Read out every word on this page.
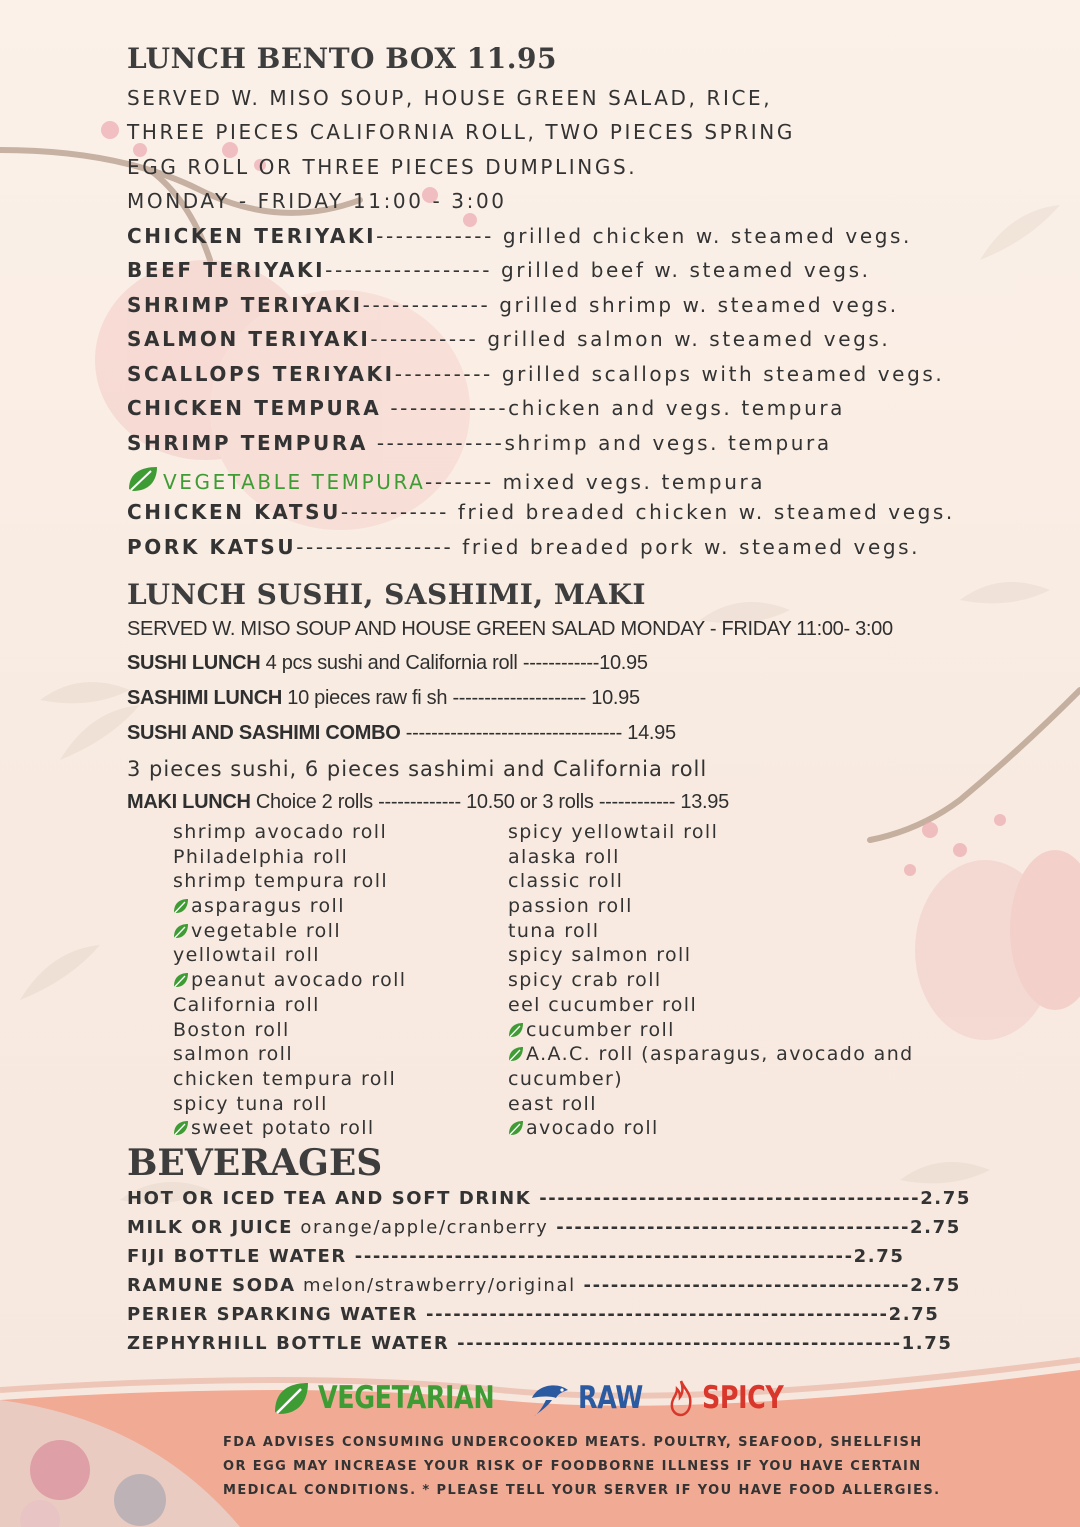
LUNCH BENTO BOX 11.95
SERVED W. MISO SOUP, HOUSE GREEN SALAD, RICE,
THREE PIECES CALIFORNIA ROLL, TWO PIECES SPRING
EGG ROLL OR THREE PIECES DUMPLINGS.
MONDAY - FRIDAY 11:00 - 3:00
CHICKEN TERIYAKI------------ grilled chicken w. steamed vegs.
BEEF TERIYAKI----------------- grilled beef w. steamed vegs.
SHRIMP TERIYAKI------------- grilled shrimp w. steamed vegs.
SALMON TERIYAKI----------- grilled salmon w. steamed vegs.
SCALLOPS TERIYAKI---------- grilled scallops with steamed vegs.
CHICKEN TEMPURA ------------chicken and vegs. tempura
SHRIMP TEMPURA -------------shrimp and vegs. tempura
VEGETABLE TEMPURA------- mixed vegs. tempura
CHICKEN KATSU----------- fried breaded chicken w. steamed vegs.
PORK KATSU---------------- fried breaded pork w. steamed vegs.
LUNCH SUSHI, SASHIMI, MAKI
SERVED W. MISO SOUP AND HOUSE GREEN SALAD MONDAY - FRIDAY 11:00- 3:00
SUSHI LUNCH 4 pcs sushi and California roll ------------10.95
SASHIMI LUNCH 10 pieces raw fi sh --------------------- 10.95
SUSHI AND SASHIMI COMBO ---------------------------------- 14.95
3 pieces sushi, 6 pieces sashimi and California roll
MAKI LUNCH Choice 2 rolls ------------- 10.50 or 3 rolls ------------ 13.95
shrimp avocado roll
Philadelphia roll
shrimp tempura roll
asparagus roll
vegetable roll
yellowtail roll
peanut avocado roll
California roll
Boston roll
salmon roll
chicken tempura roll
spicy tuna roll
sweet potato roll
spicy yellowtail roll
alaska roll
classic roll
passion roll
tuna roll
spicy salmon roll
spicy crab roll
eel cucumber roll
cucumber roll
A.A.C. roll (asparagus, avocado and
cucumber)
east roll
avocado roll
BEVERAGES
HOT OR ICED TEA AND SOFT DRINK ------------------------------------------2.75
MILK OR JUICE orange/apple/cranberry ---------------------------------------2.75
FIJI BOTTLE WATER -------------------------------------------------------2.75
RAMUNE SODA melon/strawberry/original ------------------------------------2.75
PERIER SPARKING WATER ---------------------------------------------------2.75
ZEPHYRHILL BOTTLE WATER -------------------------------------------------1.75
VEGETARIAN	RAW SPICY
FDA ADVISES CONSUMING UNDERCOOKED MEATS. POULTRY, SEAFOOD, SHELLFISH
OR EGG MAY INCREASE YOUR RISK OF FOODBORNE ILLNESS IF YOU HAVE CERTAIN
MEDICAL CONDITIONS. * PLEASE TELL YOUR SERVER IF YOU HAVE FOOD ALLERGIES.
